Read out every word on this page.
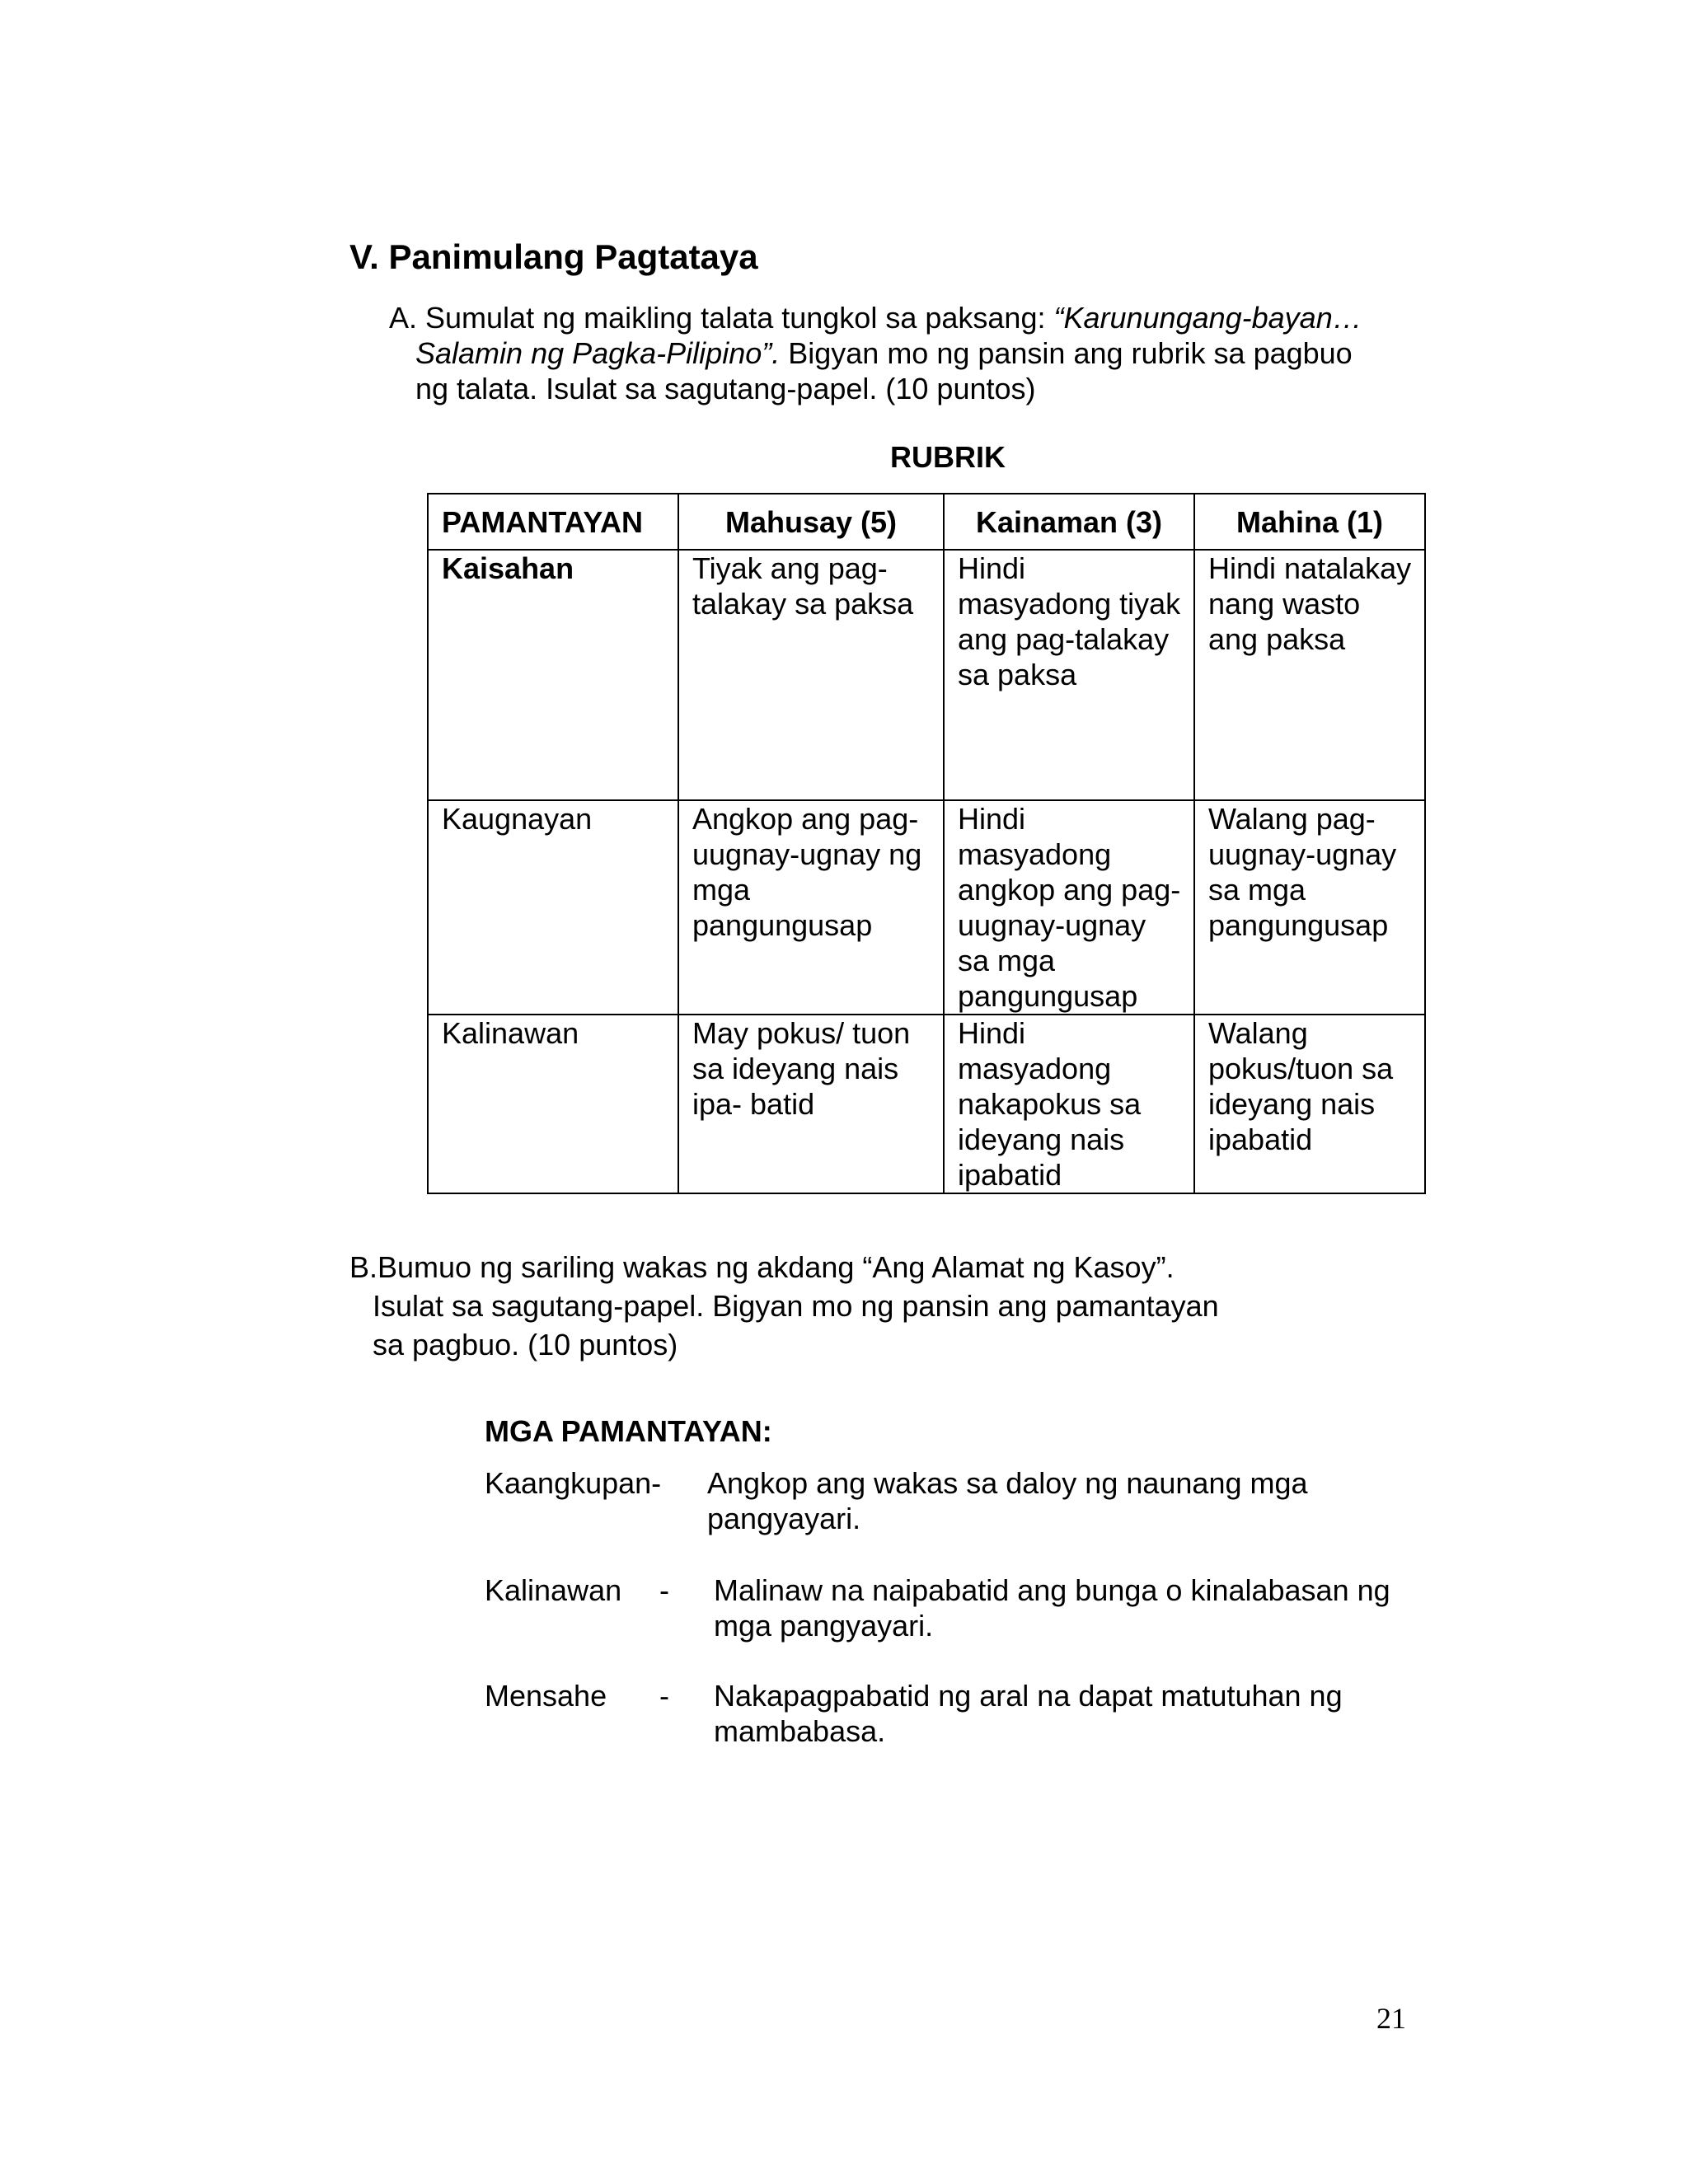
V. Panimulang Pagtataya
A. Sumulat ng maikling talata tungkol sa paksang: “Karunungang-bayan…
Salamin ng Pagka-Pilipino”. Bigyan mo ng pansin ang rubrik sa pagbuo
ng talata. Isulat sa sagutang-papel. (10 puntos)
RUBRIK
PAMANTAYAN	Mahusay (5)	Kainaman (3)	Mahina (1)
Kaisahan	Tiyak ang pag-talakay sa paksa	Hindi masyadong tiyak ang pag-talakay sa paksa	Hindi natalakay nang wasto ang paksa
Kaugnayan	Angkop ang pag-uugnay-ugnay ng mga pangungusap	Hindi masyadong angkop ang pag-uugnay-ugnay sa mga pangungusap	Walang pag-uugnay-ugnay sa mga pangungusap
Kalinawan	May pokus/ tuon sa ideyang nais ipa- batid	Hindi masyadong nakapokus sa ideyang nais ipabatid	Walang pokus/tuon sa ideyang nais ipabatid
B.Bumuo ng sariling wakas ng akdang “Ang Alamat ng Kasoy”.
Isulat sa sagutang-papel. Bigyan mo ng pansin ang pamantayan
sa pagbuo. (10 puntos)
MGA PAMANTAYAN:
Kaangkupan- Angkop ang wakas sa daloy ng naunang mga pangyayari.
Kalinawan - Malinaw na naipabatid ang bunga o kinalabasan ng mga pangyayari.
Mensahe - Nakapagpabatid ng aral na dapat matutuhan ng mambabasa.
21
